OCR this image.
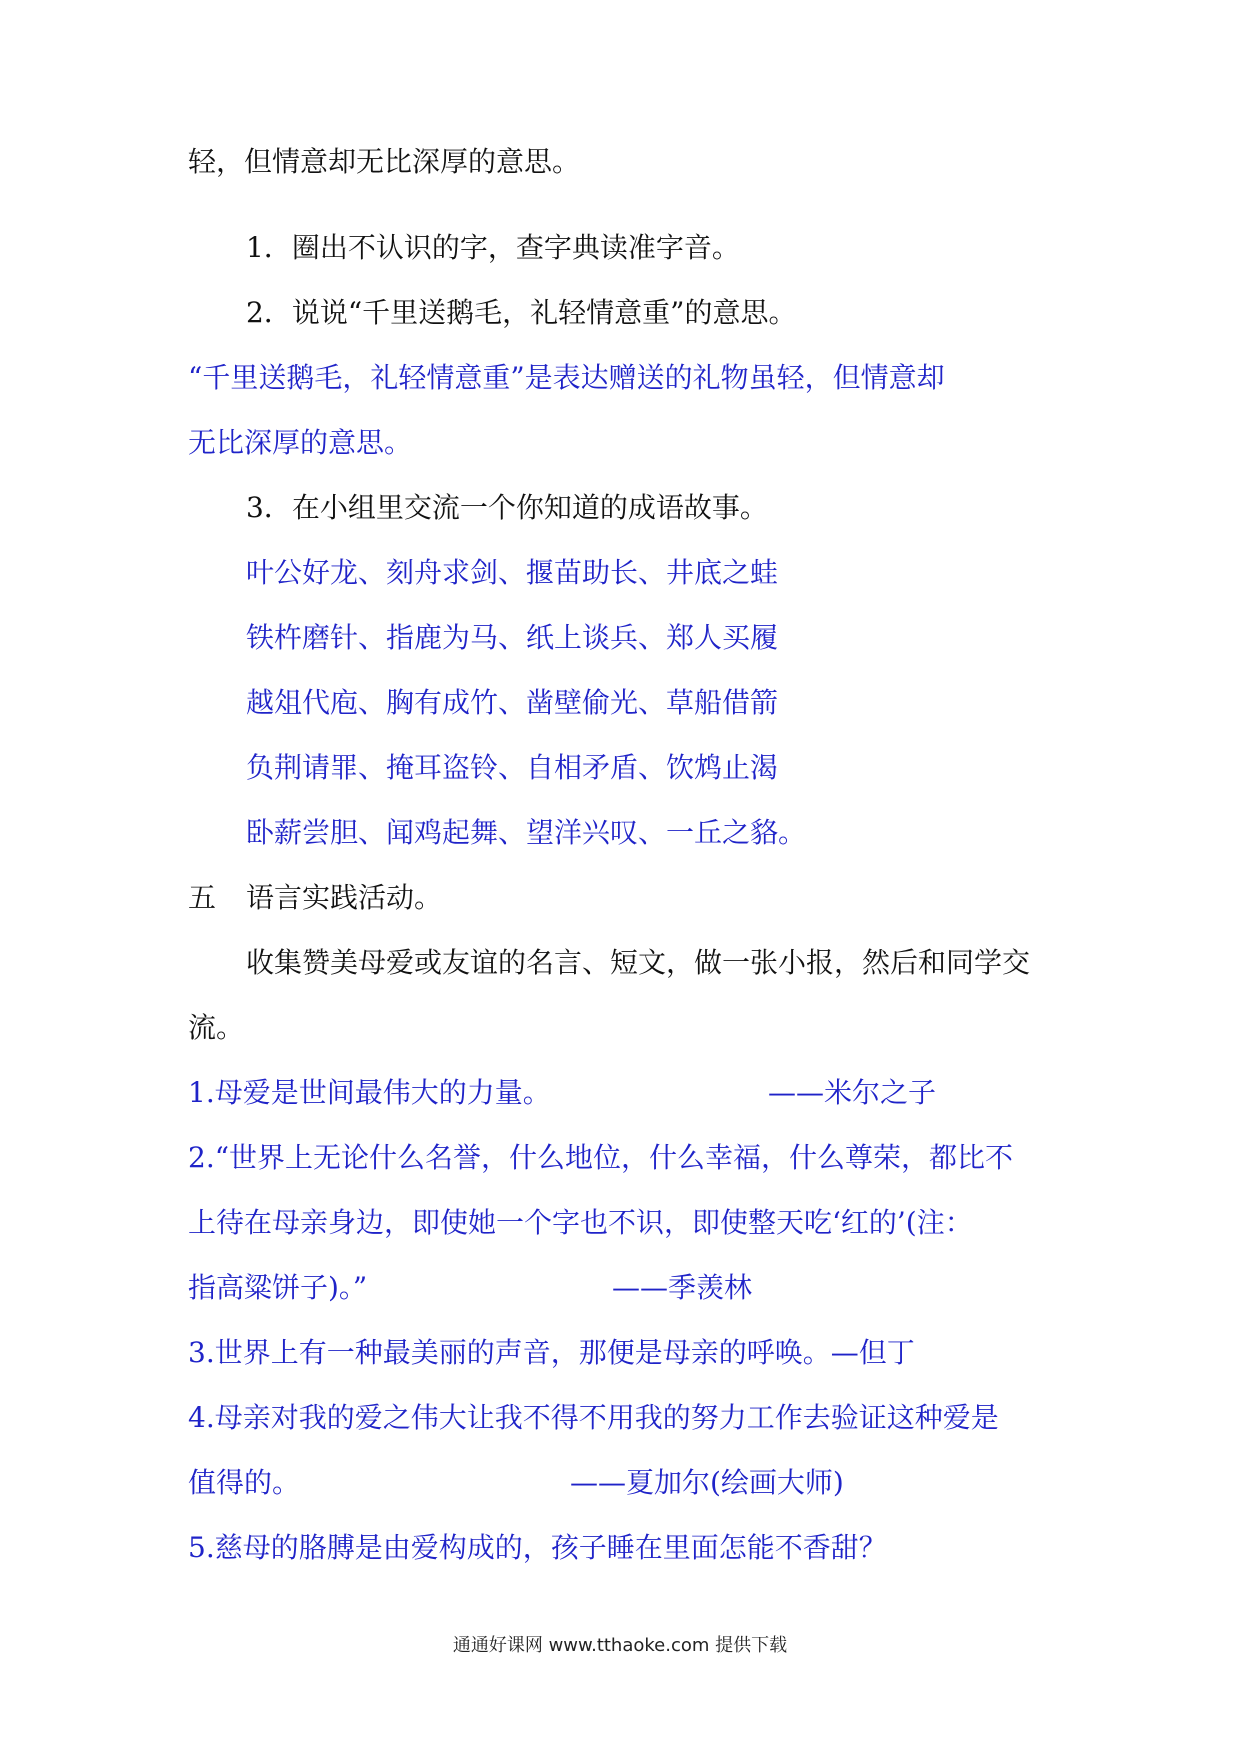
轻，但情意却无比深厚的意思。
1．圈出不认识的字，查字典读准字音。
2．说说“千里送鹅毛，礼轻情意重”的意思。
“千里送鹅毛，礼轻情意重”是表达赠送的礼物虽轻，但情意却
无比深厚的意思。
3．在小组里交流一个你知道的成语故事。
叶公好龙、刻舟求剑、揠苗助长、井底之蛙
铁杵磨针、指鹿为马、纸上谈兵、郑人买履
越俎代庖、胸有成竹、凿壁偷光、草船借箭
负荆请罪、掩耳盗铃、自相矛盾、饮鸩止渴
卧薪尝胆、闻鸡起舞、望洋兴叹、一丘之貉。
五 语言实践活动。
收集赞美母爱或友谊的名言、短文，做一张小报，然后和同学交
流。
1.母爱是世间最伟大的力量。	——米尔之子
2.“世界上无论什么名誉，什么地位，什么幸福，什么尊荣，都比不
上待在母亲身边，即使她一个字也不识，即使整天吃‘红的’(注：
指高粱饼子)。”	——季羡林
3.世界上有一种最美丽的声音，那便是母亲的呼唤。—但丁
4.母亲对我的爱之伟大让我不得不用我的努力工作去验证这种爱是
值得的。	——夏加尔(绘画大师)
5.慈母的胳膊是由爱构成的，孩子睡在里面怎能不香甜？
通通好课网 www.tthaoke.com 提供下载
